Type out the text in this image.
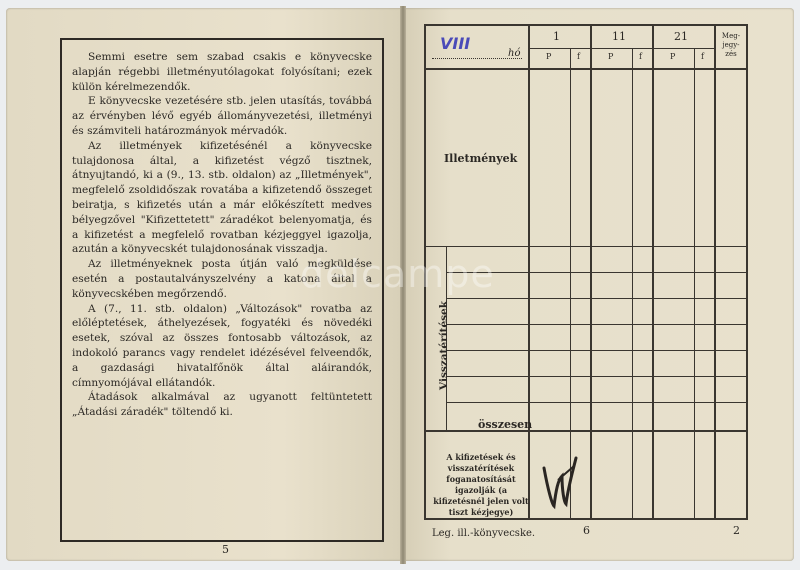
Semmi esetre sem szabad csakis e könyvecske alapján régebbi illetményutólagokat folyósítani; ezek külön kérelmezendők.

E könyvecske vezetésére stb. jelen utasítás, továbbá az érvényben lévő egyéb állományvezetési, illetményi és számviteli határozmányok mérvadók.

Az illetmények kifizetésénél a könyvecske tulajdonosa által, a kifizetést végző tisztnek, átnyujtandó, ki a (9., 13. stb. oldalon) az „Illetmények", megfelelő zsoldidőszak rovatába a kifizetendő összeget beiratja, s kifizetés után a már előkészített medves bélyegzővel "Kifizettetett" záradékot belenyomatja, és a kifizetést a megfelelő rovatban kézjeggyel igazolja, azután a könyvecskét tulajdonosának visszadja.

Az illetményeknek posta útján való megküldése esetén a postautalványszelvény a katona által a könyvecskében megőrzendő.

A (7., 11. stb. oldalon) „Változások" rovatba az előléptetések, áthelyezések, fogyatéki és növedéki esetek, szóval az összes fontosabb változások, az indokoló parancs vagy rendelet idézésével felveendők, a gazdasági hivatalfőnök által aláirandók, címnyomójával ellátandók.

Átadások alkalmával az ugyanott feltüntetett „Átadási záradék" töltendő ki.

5
VIII
hó
1	11	21
P	f	P	f	P	f
Meg-
jegy-
zés
Illetmények
Visszatérítések
összesen
A kifizetések és visszatérítések foganatosítását igazolják (a kifizetésnél jelen volt tiszt kézjegye)
Leg. ill.-könyvecske.	6	2
delcampe
